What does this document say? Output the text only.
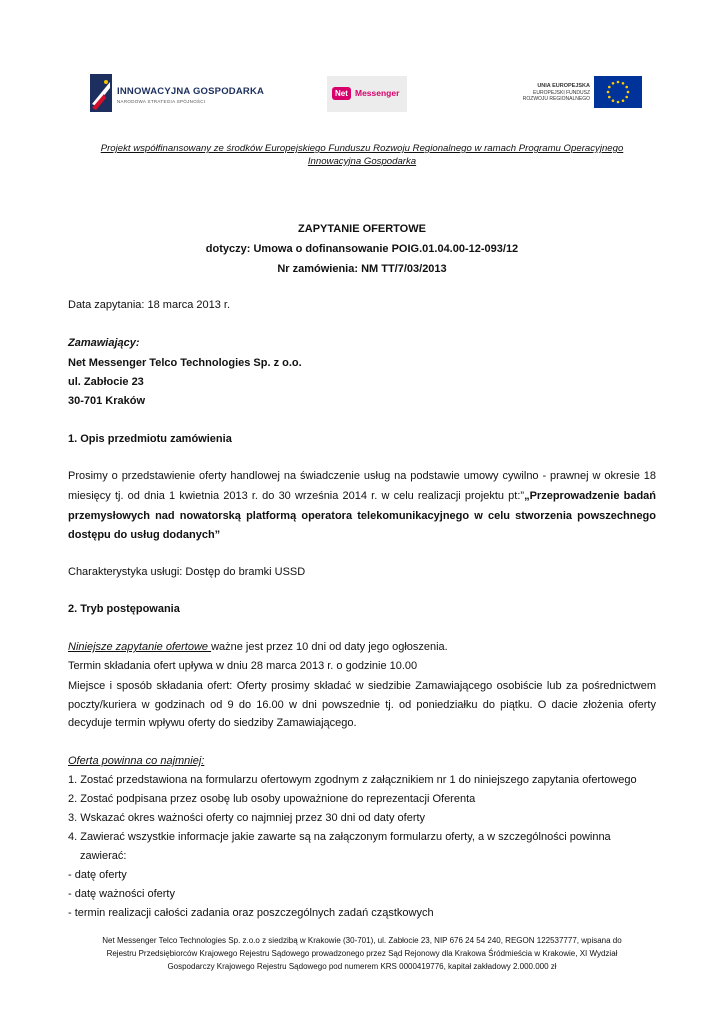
INNOWACYJNA GOSPODARKA
NARODOWA STRATEGIA SPÓJNOŚCI
Net Messenger
UNIA EUROPEJSKA
EUROPEJSKI FUNDUSZ
ROZWOJU REGIONALNEGO
Projekt współfinansowany ze środków Europejskiego Funduszu Rozwoju Regionalnego w ramach Programu Operacyjnego
Innowacyjna Gospodarka
ZAPYTANIE OFERTOWE
dotyczy: Umowa o dofinansowanie POIG.01.04.00-12-093/12
Nr zamówienia: NM TT/7/03/2013
Data zapytania: 18 marca 2013 r.
Zamawiający:
Net Messenger Telco Technologies Sp. z o.o.
ul. Zabłocie 23
30-701 Kraków
1. Opis przedmiotu zamówienia
Prosimy o przedstawienie oferty handlowej na świadczenie usług na podstawie umowy cywilno - prawnej w okresie 18
miesięcy tj. od dnia 1 kwietnia 2013 r. do 30 września 2014 r. w celu realizacji projektu pt:”„Przeprowadzenie badań
przemysłowych nad nowatorską platformą operatora telekomunikacyjnego w celu stworzenia powszechnego
dostępu do usług dodanych”
Charakterystyka usługi: Dostęp do bramki USSD
2. Tryb postępowania
Niniejsze zapytanie ofertowe ważne jest przez 10 dni od daty jego ogłoszenia.
Termin składania ofert upływa w dniu 28 marca 2013 r. o godzinie 10.00
Miejsce i sposób składania ofert: Oferty prosimy składać w siedzibie Zamawiającego osobiście lub za pośrednictwem
poczty/kuriera w godzinach od 9 do 16.00 w dni powszednie tj. od poniedziałku do piątku. O dacie złożenia oferty
decyduje termin wpływu oferty do siedziby Zamawiającego.
Oferta powinna co najmniej:
1. Zostać przedstawiona na formularzu ofertowym zgodnym z załącznikiem nr 1 do niniejszego zapytania ofertowego
2. Zostać podpisana przez osobę lub osoby upoważnione do reprezentacji Oferenta
3. Wskazać okres ważności oferty co najmniej przez 30 dni od daty oferty
4. Zawierać wszystkie informacje jakie zawarte są na załączonym formularzu oferty, a w szczególności powinna
zawierać:
- datę oferty
- datę ważności oferty
- termin realizacji całości zadania oraz poszczególnych zadań cząstkowych
Net Messenger Telco Technologies Sp. z.o.o z siedzibą w Krakowie (30-701), ul. Zabłocie 23, NIP 676 24 54 240, REGON 122537777, wpisana do
Rejestru Przedsiębiorców Krajowego Rejestru Sądowego prowadzonego przez Sąd Rejonowy dla Krakowa Śródmieścia w Krakowie, XI Wydział
Gospodarczy Krajowego Rejestru Sądowego pod numerem KRS 0000419776, kapitał zakładowy 2.000.000 zł
